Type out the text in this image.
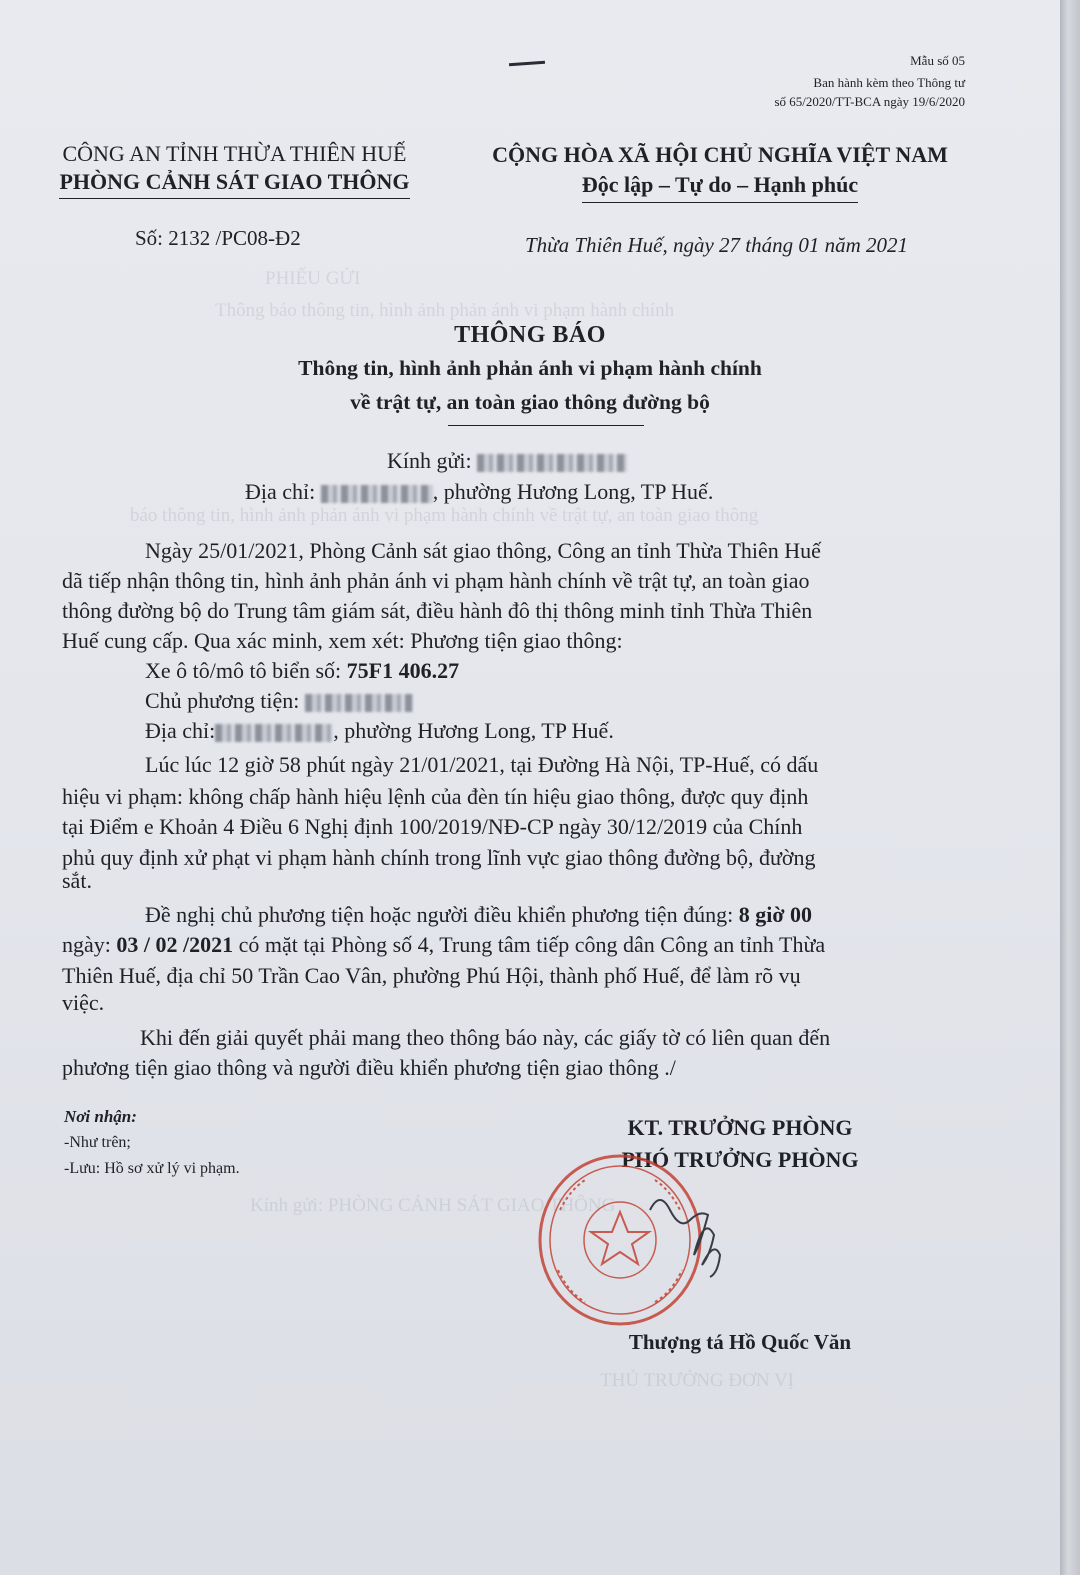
PHIẾU GỬI
Thông báo thông tin, hình ảnh phản ánh vi phạm hành chính
báo thông tin, hình ảnh phản ánh vi phạm hành chính về trật tự, an toàn giao thông
Kính gửi: PHÒNG CẢNH SÁT GIAO THÔNG
THỦ TRƯỞNG ĐƠN VỊ
Mẫu số 05
Ban hành kèm theo Thông tư
số 65/2020/TT-BCA ngày 19/6/2020
CÔNG AN TỈNH THỪA THIÊN HUẾ
PHÒNG CẢNH SÁT GIAO THÔNG
CỘNG HÒA XÃ HỘI CHỦ NGHĨA VIỆT NAM
Độc lập – Tự do – Hạnh phúc
Số: 2132 /PC08-Đ2	Thừa Thiên Huế, ngày 27 tháng 01 năm 2021
THÔNG BÁO
Thông tin, hình ảnh phản ánh vi phạm hành chính
về trật tự, an toàn giao thông đường bộ
Kính gửi:
Địa chỉ:	, phường Hương Long, TP Huế.
Ngày 25/01/2021, Phòng Cảnh sát giao thông, Công an tỉnh Thừa Thiên Huế
dã tiếp nhận thông tin, hình ảnh phản ánh vi phạm hành chính về trật tự, an toàn giao
thông đường bộ do Trung tâm giám sát, điều hành đô thị thông minh tỉnh Thừa Thiên
Huế cung cấp. Qua xác minh, xem xét: Phương tiện giao thông:
Xe ô tô/mô tô biển số: 75F1 406.27
Chủ phương tiện:
Địa chỉ:	, phường Hương Long, TP Huế.
Lúc lúc 12 giờ 58 phút ngày 21/01/2021, tại Đường Hà Nội, TP-Huế, có dấu
hiệu vi phạm: không chấp hành hiệu lệnh của đèn tín hiệu giao thông, được quy định
tại Điểm e Khoản 4 Điều 6 Nghị định 100/2019/NĐ-CP ngày 30/12/2019 của Chính
phủ quy định xử phạt vi phạm hành chính trong lĩnh vực giao thông đường bộ, đường
sắt.
Đề nghị chủ phương tiện hoặc người điều khiển phương tiện đúng: 8 giờ 00
ngày: 03 / 02 /2021 có mặt tại Phòng số 4, Trung tâm tiếp công dân Công an tỉnh Thừa
Thiên Huế, địa chỉ 50 Trần Cao Vân, phường Phú Hội, thành phố Huế, để làm rõ vụ
việc.
Khi đến giải quyết phải mang theo thông báo này, các giấy tờ có liên quan đến
phương tiện giao thông và người điều khiển phương tiện giao thông ./
Nơi nhận:
-Như trên;
-Lưu: Hồ sơ xử lý vi phạm.
KT. TRƯỞNG PHÒNG
PHÓ TRƯỞNG PHÒNG
Thượng tá Hồ Quốc Văn
